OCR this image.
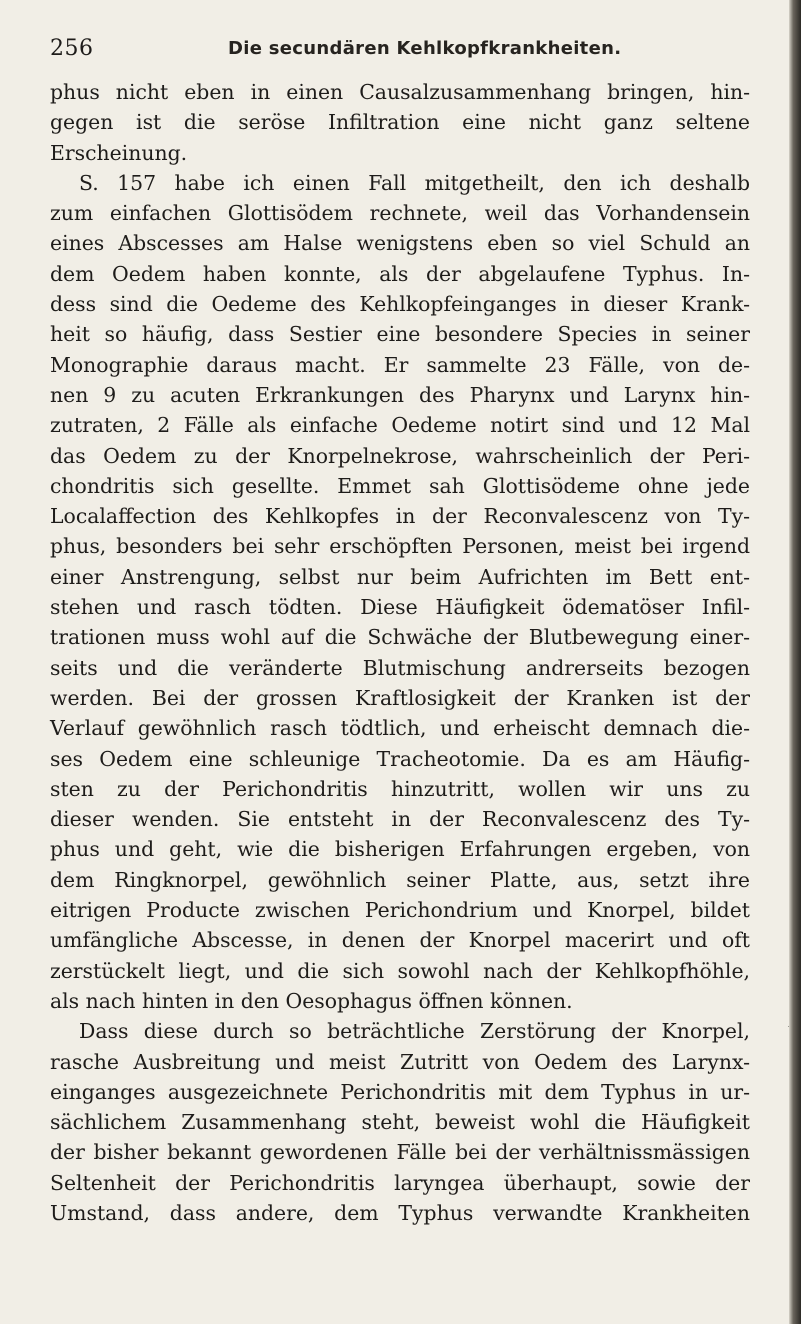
256	Die secundären Kehlkopfkrankheiten.
phus nicht eben in einen Causalzusammenhang bringen, hin-
gegen ist die seröse Infiltration eine nicht ganz seltene
Erscheinung.
S. 157 habe ich einen Fall mitgetheilt, den ich deshalb
zum einfachen Glottisödem rechnete, weil das Vorhandensein
eines Abscesses am Halse wenigstens eben so viel Schuld an
dem Oedem haben konnte, als der abgelaufene Typhus. In-
dess sind die Oedeme des Kehlkopfeinganges in dieser Krank-
heit so häufig, dass Sestier eine besondere Species in seiner
Monographie daraus macht. Er sammelte 23 Fälle, von de-
nen 9 zu acuten Erkrankungen des Pharynx und Larynx hin-
zutraten, 2 Fälle als einfache Oedeme notirt sind und 12 Mal
das Oedem zu der Knorpelnekrose, wahrscheinlich der Peri-
chondritis sich gesellte. Emmet sah Glottisödeme ohne jede
Localaffection des Kehlkopfes in der Reconvalescenz von Ty-
phus, besonders bei sehr erschöpften Personen, meist bei irgend
einer Anstrengung, selbst nur beim Aufrichten im Bett ent-
stehen und rasch tödten. Diese Häufigkeit ödematöser Infil-
trationen muss wohl auf die Schwäche der Blutbewegung einer-
seits und die veränderte Blutmischung andrerseits bezogen
werden. Bei der grossen Kraftlosigkeit der Kranken ist der
Verlauf gewöhnlich rasch tödtlich, und erheischt demnach die-
ses Oedem eine schleunige Tracheotomie. Da es am Häufig-
sten zu der Perichondritis hinzutritt, wollen wir uns zu
dieser wenden. Sie entsteht in der Reconvalescenz des Ty-
phus und geht, wie die bisherigen Erfahrungen ergeben, von
dem Ringknorpel, gewöhnlich seiner Platte, aus, setzt ihre
eitrigen Producte zwischen Perichondrium und Knorpel, bildet
umfängliche Abscesse, in denen der Knorpel macerirt und oft
zerstückelt liegt, und die sich sowohl nach der Kehlkopfhöhle,
als nach hinten in den Oesophagus öffnen können.
Dass diese durch so beträchtliche Zerstörung der Knorpel,
rasche Ausbreitung und meist Zutritt von Oedem des Larynx-
einganges ausgezeichnete Perichondritis mit dem Typhus in ur-
sächlichem Zusammenhang steht, beweist wohl die Häufigkeit
der bisher bekannt gewordenen Fälle bei der verhältnissmässigen
Seltenheit der Perichondritis laryngea überhaupt, sowie der
Umstand, dass andere, dem Typhus verwandte Krankheiten
